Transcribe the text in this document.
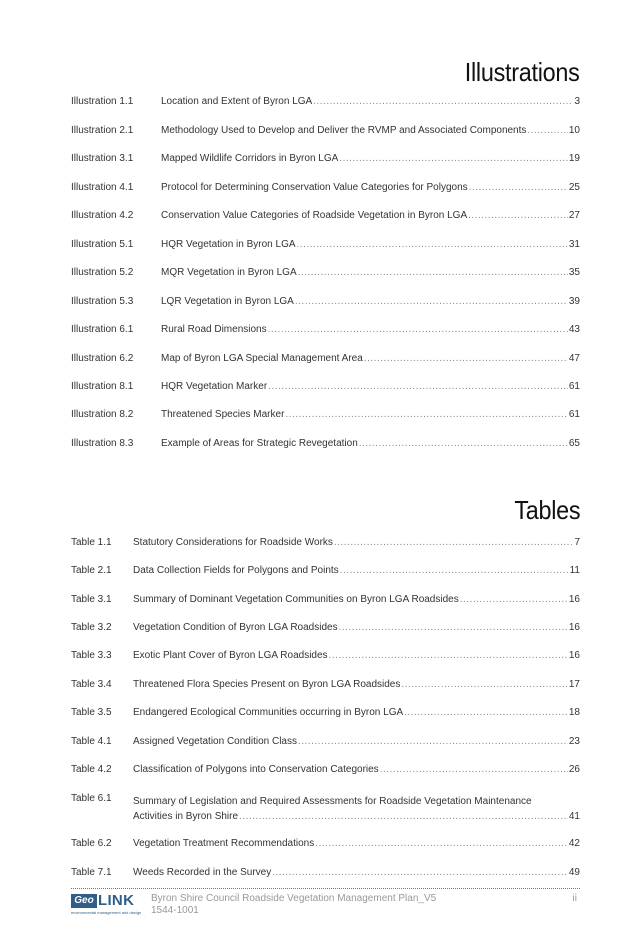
Illustrations
Illustration 1.1	Location and Extent of Byron LGA .....	3
Illustration 2.1	Methodology Used to Develop and Deliver the RVMP and Associated Components .....	10
Illustration 3.1	Mapped Wildlife Corridors in Byron LGA .....	19
Illustration 4.1	Protocol for Determining Conservation Value Categories for Polygons .....	25
Illustration 4.2	Conservation Value Categories of Roadside Vegetation in Byron LGA .....	27
Illustration 5.1	HQR Vegetation in Byron LGA .....	31
Illustration 5.2	MQR Vegetation in Byron LGA .....	35
Illustration 5.3	LQR Vegetation in Byron LGA .....	39
Illustration 6.1	Rural Road Dimensions .....	43
Illustration 6.2	Map of Byron LGA Special Management Area .....	47
Illustration 8.1	HQR Vegetation Marker .....	61
Illustration 8.2	Threatened Species Marker .....	61
Illustration 8.3	Example of Areas for Strategic Revegetation .....	65
Tables
Table 1.1 Statutory Considerations for Roadside Works .....	7
Table 2.1 Data Collection Fields for Polygons and Points .....	11
Table 3.1 Summary of Dominant Vegetation Communities on Byron LGA Roadsides .....	16
Table 3.2 Vegetation Condition of Byron LGA Roadsides .....	16
Table 3.3 Exotic Plant Cover of Byron LGA Roadsides .....	16
Table 3.4 Threatened Flora Species Present on Byron LGA Roadsides .....	17
Table 3.5 Endangered Ecological Communities occurring in Byron LGA .....	18
Table 4.1 Assigned Vegetation Condition Class .....	23
Table 4.2 Classification of Polygons into Conservation Categories .....	26
Table 6.1 Summary of Legislation and Required Assessments for Roadside Vegetation Maintenance
Activities in Byron Shire .....	41
Table 6.2 Vegetation Treatment Recommendations .....	42
Table 7.1 Weeds Recorded in the Survey .....	49
Geo LINK
environmental management and design
Byron Shire Council Roadside Vegetation Management Plan_V5
1544-1001
ii
